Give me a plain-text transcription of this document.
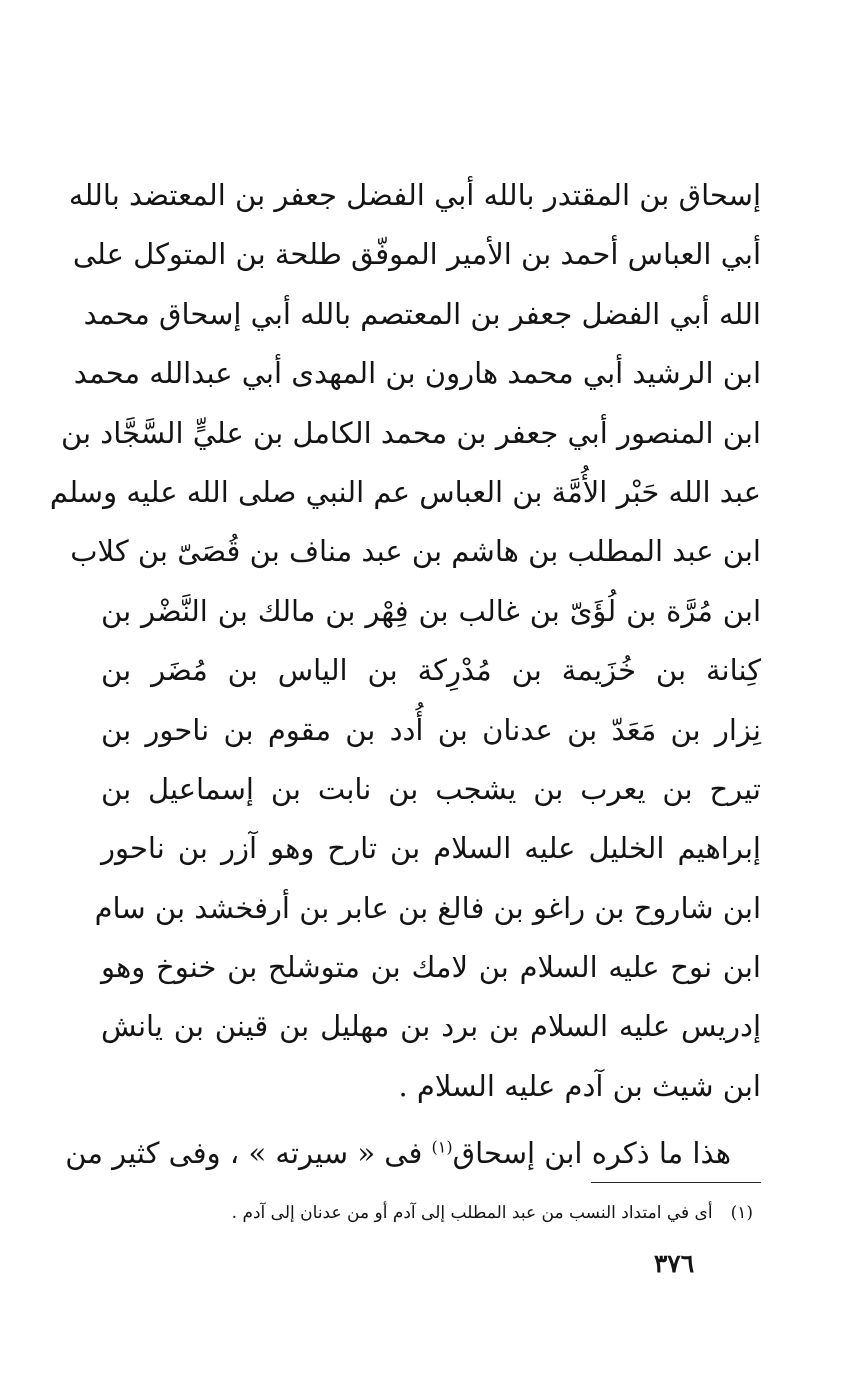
إسحاق بن المقتدر بالله أبي الفضل جعفر بن المعتضد بالله
أبي العباس أحمد بن الأمير الموفّق طلحة بن المتوكل على
الله أبي الفضل جعفر بن المعتصم بالله أبي إسحاق محمد
ابن الرشيد أبي محمد هارون بن المهدى أبي عبدالله محمد
ابن المنصور أبي جعفر بن محمد الكامل بن عليٍّ السَّجَّاد بن
عبد الله حَبْر الأُمَّة بن العباس عم النبي صلى الله عليه وسلم
ابن عبد المطلب بن هاشم بن عبد مناف بن قُصَىّ بن كلاب
ابن مُرَّة بن لُؤَىّ بن غالب بن فِهْر بن مالك بن النَّضْر بن
كِنانة بن خُزَيمة بن مُدْرِكة بن الياس بن مُضَر بن
نِزار بن مَعَدّ بن عدنان بن أُدد بن مقوم بن ناحور بن
تيرح بن يعرب بن يشجب بن نابت بن إسماعيل بن
إبراهيم الخليل عليه السلام بن تارح وهو آزر بن ناحور
ابن شاروح بن راغو بن فالغ بن عابر بن أرفخشد بن سام
ابن نوح عليه السلام بن لامك بن متوشلح بن خنوخ وهو
إدريس عليه السلام بن برد بن مهليل بن قينن بن يانش
ابن شيث بن آدم عليه السلام .
هذا ما ذكره ابن إسحاق$^{(١)}$ فى « سيرته » ، وفى كثير من
(١)أى في امتداد النسب من عبد المطلب إلى آدم أو من عدنان إلى آدم .
٣٧٦
